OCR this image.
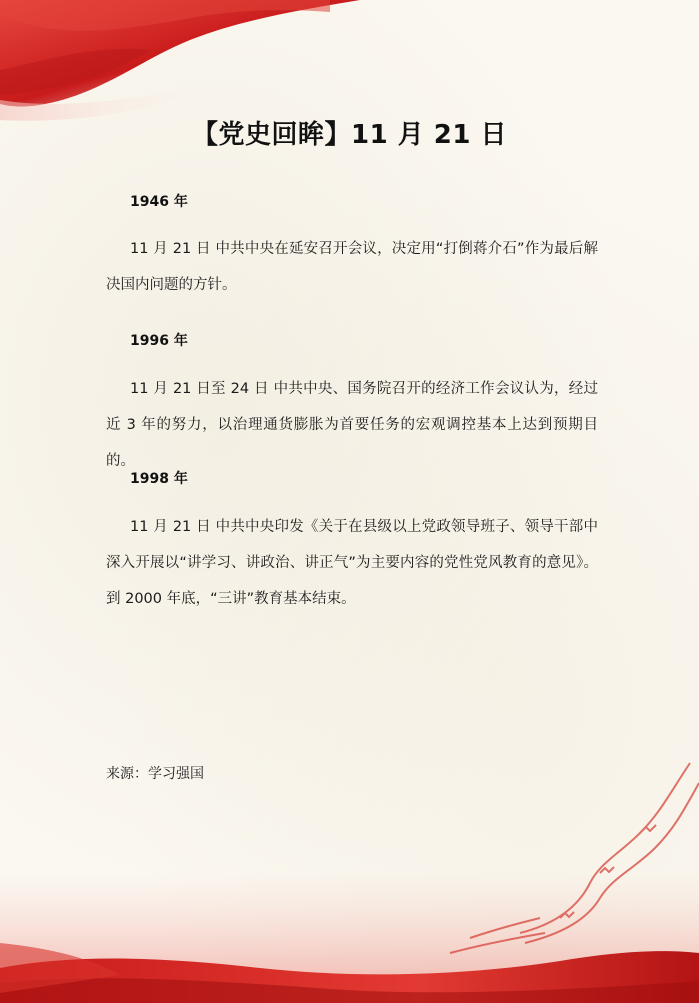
【党史回眸】11 月 21 日
1946 年
11 月 21 日 中共中央在延安召开会议，决定用“打倒蒋介石”作为最后解决国内问题的方针。
1996 年
11 月 21 日至 24 日 中共中央、国务院召开的经济工作会议认为，经过近 3 年的努力，以治理通货膨胀为首要任务的宏观调控基本上达到预期目的。
1998 年
11 月 21 日 中共中央印发《关于在县级以上党政领导班子、领导干部中深入开展以“讲学习、讲政治、讲正气”为主要内容的党性党风教育的意见》。到 2000 年底，“三讲”教育基本结束。
来源：学习强国
